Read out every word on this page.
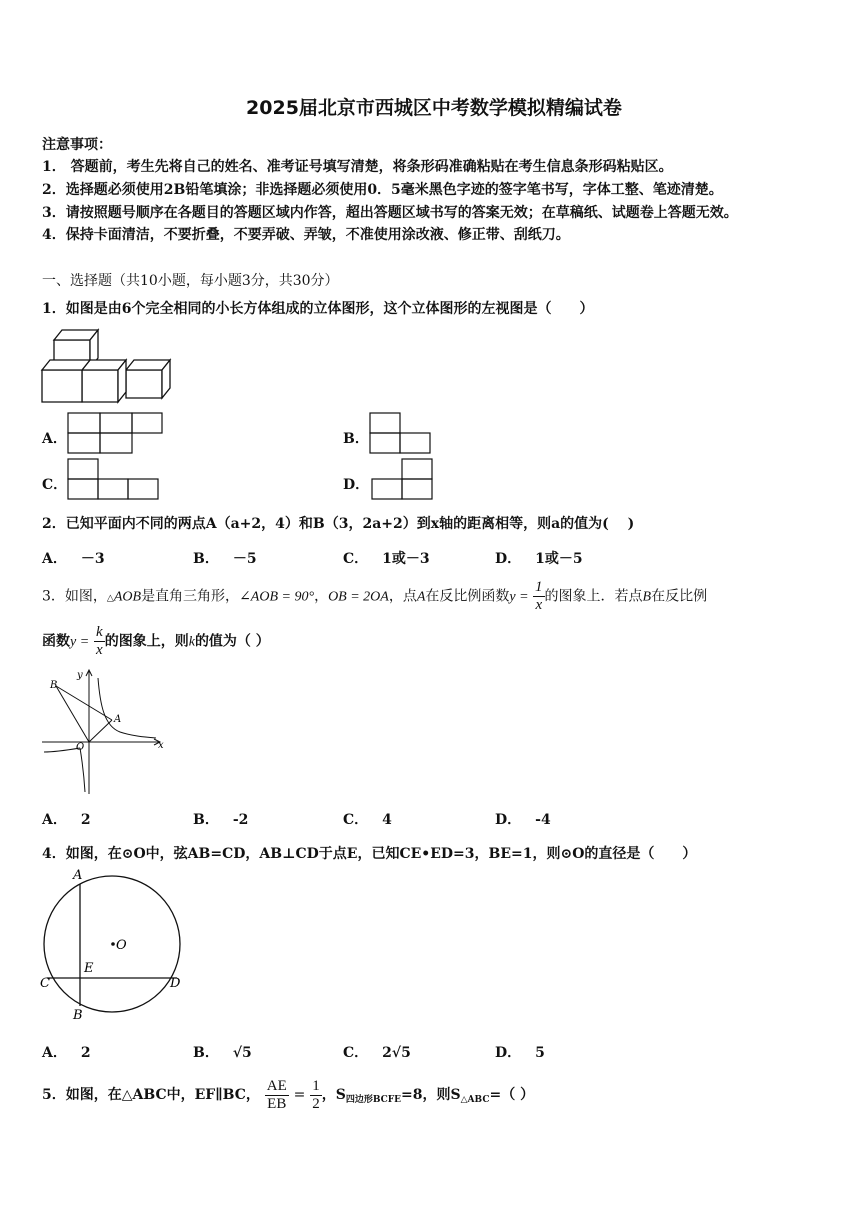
2025届北京市西城区中考数学模拟精编试卷
注意事项：
1． 答题前，考生先将自己的姓名、准考证号填写清楚，将条形码准确粘贴在考生信息条形码粘贴区。
2．选择题必须使用2B铅笔填涂；非选择题必须使用0．5毫米黑色字迹的签字笔书写，字体工整、笔迹清楚。
3．请按照题号顺序在各题目的答题区域内作答，超出答题区域书写的答案无效；在草稿纸、试题卷上答题无效。
4．保持卡面清洁，不要折叠，不要弄破、弄皱，不准使用涂改液、修正带、刮纸刀。
一、选择题（共10小题，每小题3分，共30分）
1．如图是由6个完全相同的小长方体组成的立体图形，这个立体图形的左视图是（　　）
A．	B．
C．	D．
2．已知平面内不同的两点A（a+2，4）和B（3，2a+2）到x轴的距离相等，则a的值为(　 )
A． －3	B． －5	C． 1或－3	D． 1或－5
3．如图，△AOB是直角三角形，∠AOB = 90°，OB = 2OA，点A在反比例函数$y = \frac{1}{x}$ 的图象上．若点B在反比例
函数$y = \frac{k}{x}$ 的图象上，则k的值为（ ）
y
x
O
A
B
A． 2	B． -2	C． 4	D． -4
4．如图，在⊙O中，弦AB=CD，AB⊥CD于点E，已知CE•ED=3，BE=1，则⊙O的直径是（　　）
A
B
C	D
E
O
A． 2	B． √5	C． 2√5	D． 5
5．如图，在△ABC中，EF∥BC， $\frac{AE}{EB} = \frac{1}{2}$ ，$S_{四边形BCFE}=8$，则$S_{\triangle ABC}=$（ ）
